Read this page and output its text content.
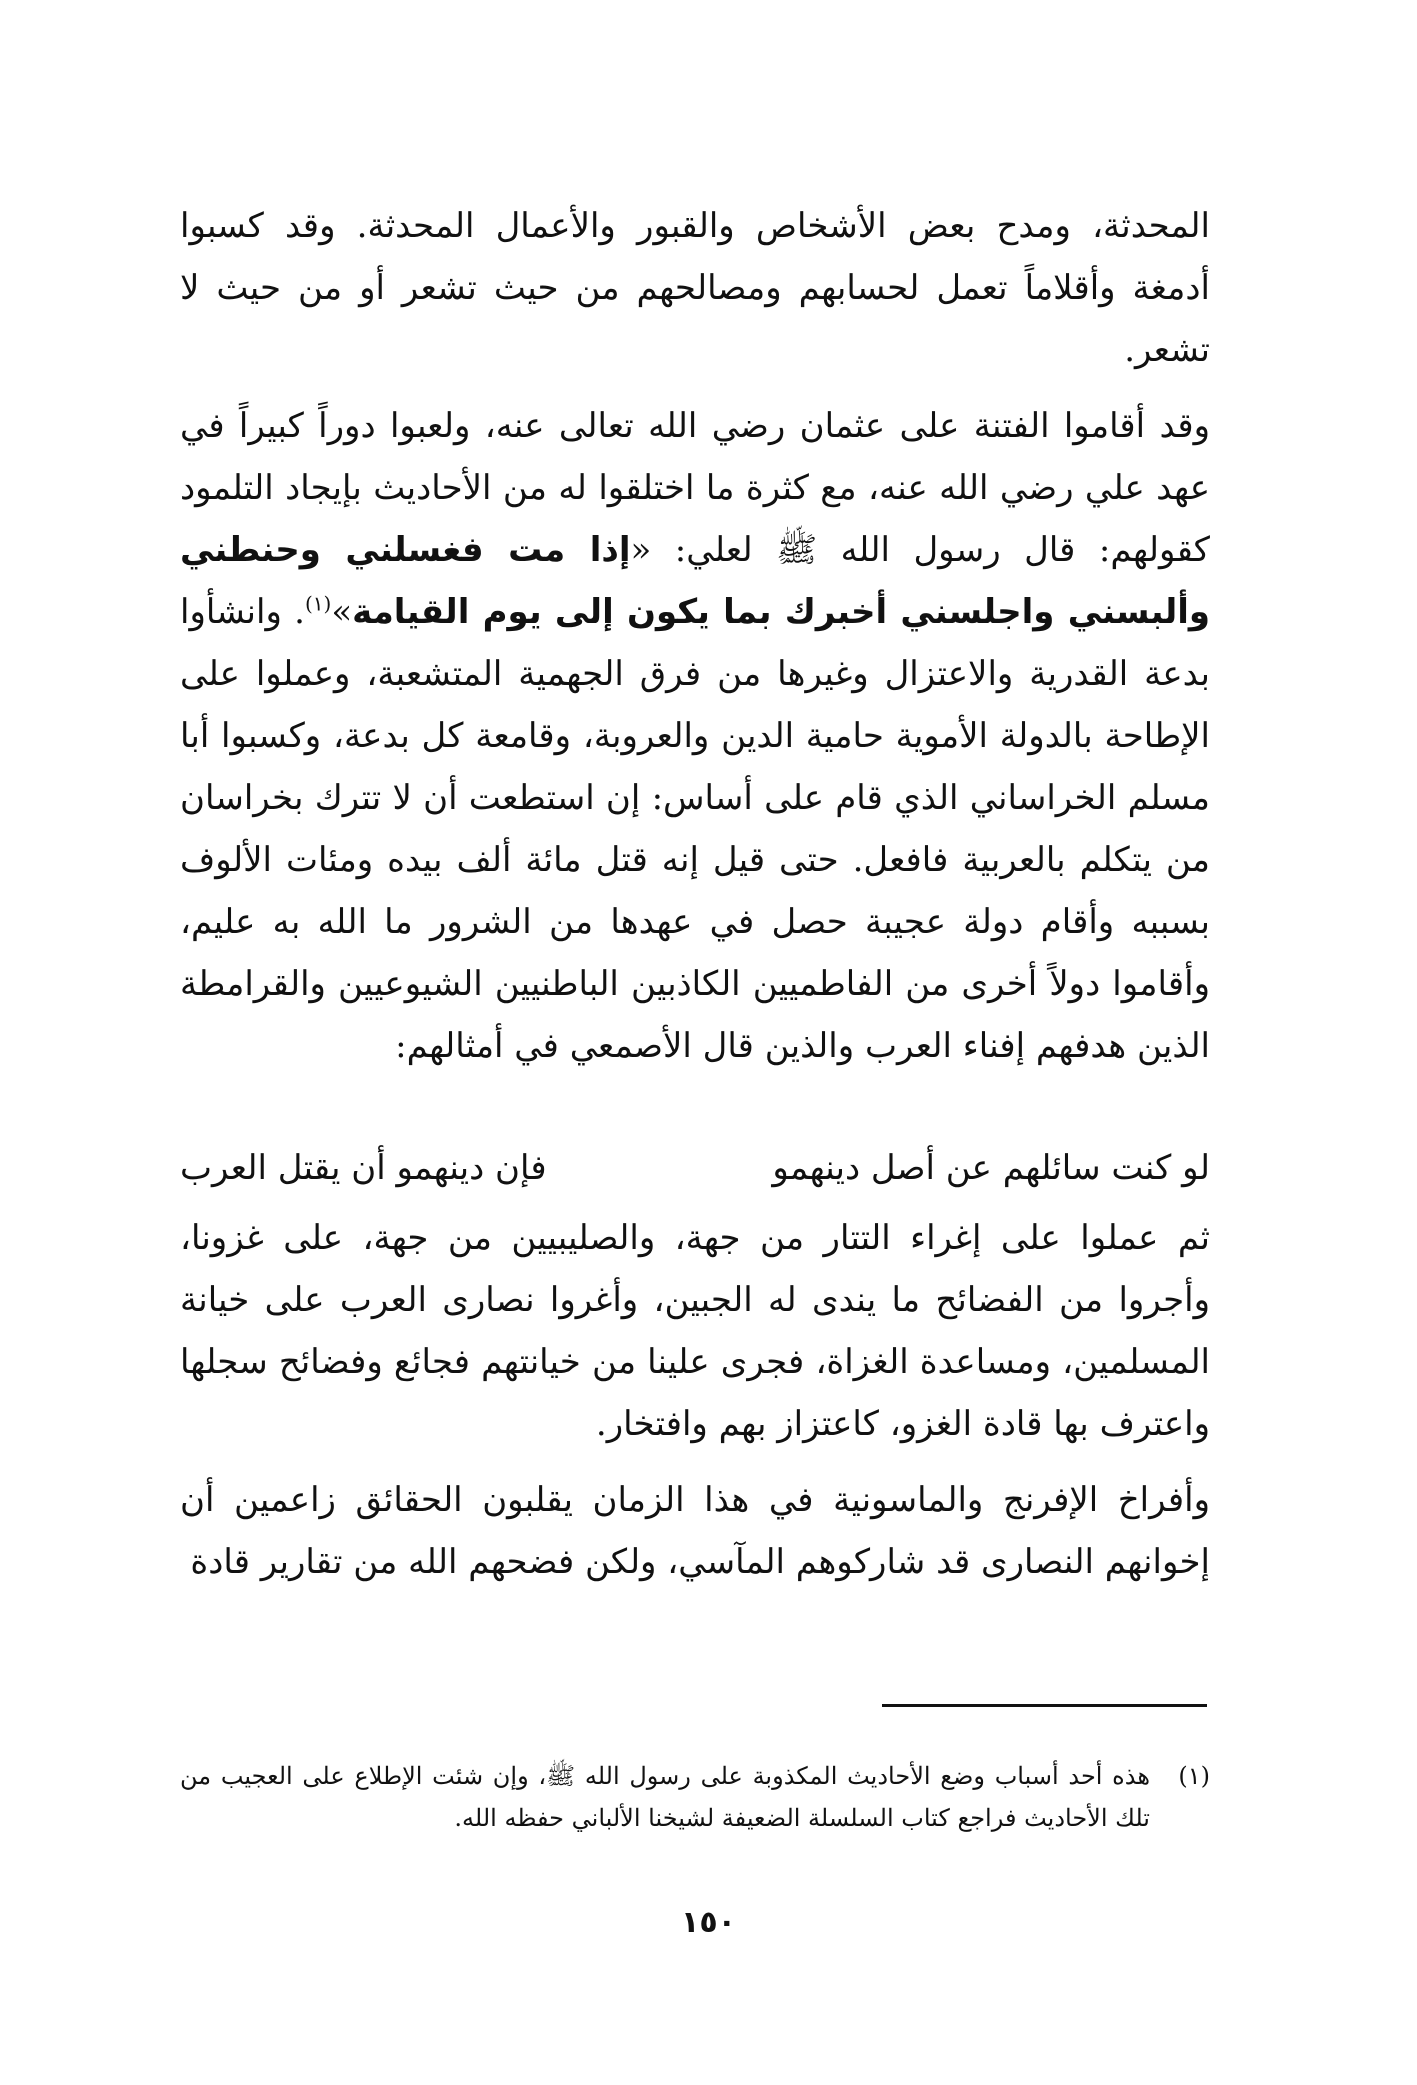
المحدثة، ومدح بعض الأشخاص والقبور والأعمال المحدثة. وقد كسبوا أدمغة وأقلاماً تعمل لحسابهم ومصالحهم من حيث تشعر أو من حيث لا تشعر.

وقد أقاموا الفتنة على عثمان رضي الله تعالى عنه، ولعبوا دوراً كبيراً في عهد علي رضي الله عنه، مع كثرة ما اختلقوا له من الأحاديث بإيجاد التلمود كقولهم: قال رسول الله ﷺ لعلي: «إذا مت فغسلني وحنطني وألبسني واجلسني أخبرك بما يكون إلى يوم القيامة»$^{(١)}$. وانشأوا بدعة القدرية والاعتزال وغيرها من فرق الجهمية المتشعبة، وعملوا على الإطاحة بالدولة الأموية حامية الدين والعروبة، وقامعة كل بدعة، وكسبوا أبا مسلم الخراساني الذي قام على أساس: إن استطعت أن لا تترك بخراسان من يتكلم بالعربية فافعل. حتى قيل إنه قتل مائة ألف بيده ومئات الألوف بسببه وأقام دولة عجيبة حصل في عهدها من الشرور ما الله به عليم، وأقاموا دولاً أخرى من الفاطميين الكاذبين الباطنيين الشيوعيين والقرامطة الذين هدفهم إفناء العرب والذين قال الأصمعي في أمثالهم:

لو كنت سائلهم عن أصل دينهمو
فإن دينهمو أن يقتل العرب

ثم عملوا على إغراء التتار من جهة، والصليبيين من جهة، على غزونا، وأجروا من الفضائح ما يندى له الجبين، وأغروا نصارى العرب على خيانة المسلمين، ومساعدة الغزاة، فجرى علينا من خيانتهم فجائع وفضائح سجلها واعترف بها قادة الغزو، كاعتزاز بهم وافتخار.

وأفراخ الإفرنج والماسونية في هذا الزمان يقلبون الحقائق زاعمين أن إخوانهم النصارى قد شاركوهم المآسي، ولكن فضحهم الله من تقارير قادة

(١)
هذه أحد أسباب وضع الأحاديث المكذوبة على رسول الله ﷺ، وإن شئت الإطلاع على العجيب من تلك الأحاديث فراجع كتاب السلسلة الضعيفة لشيخنا الألباني حفظه الله.
١٥٠
